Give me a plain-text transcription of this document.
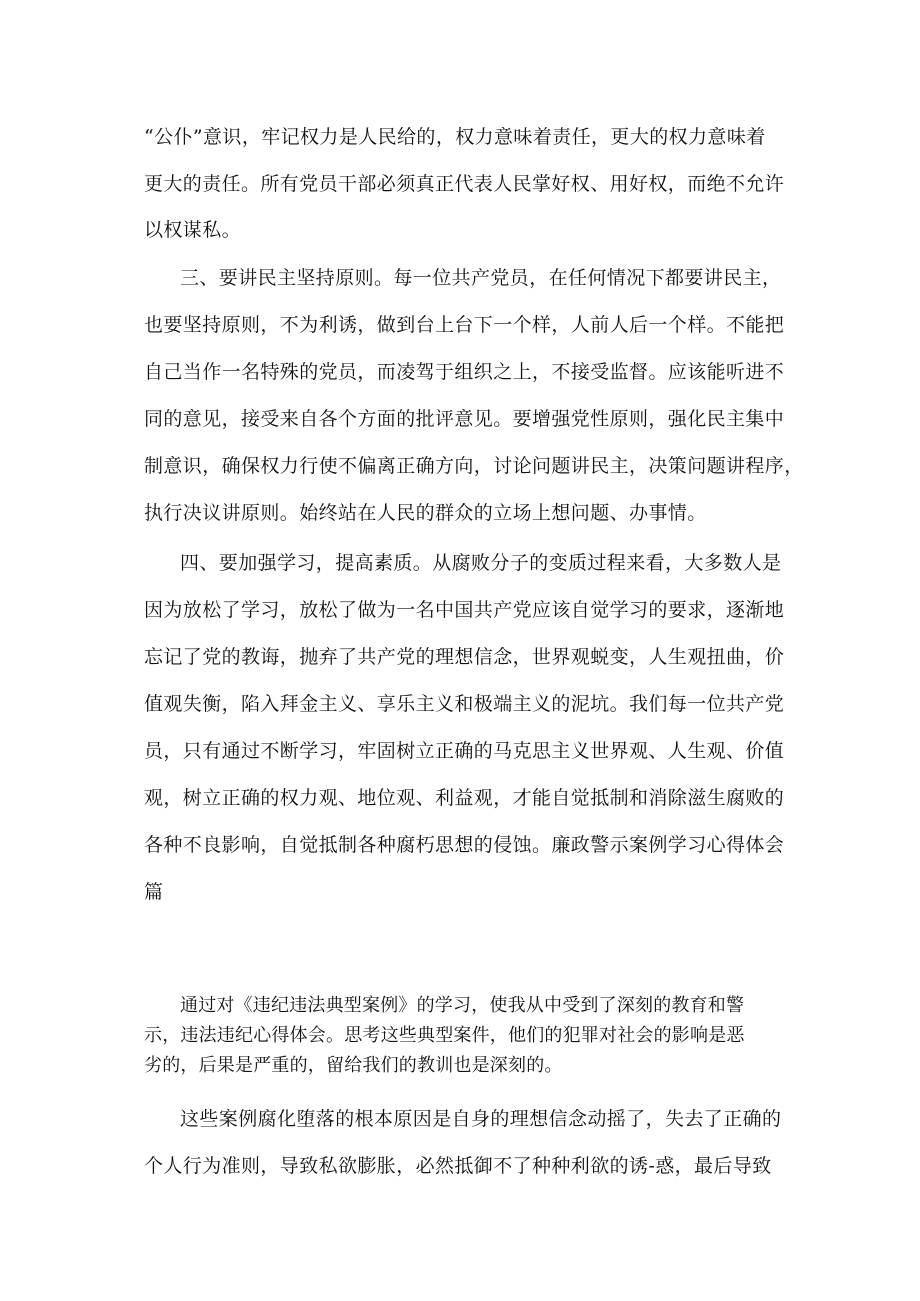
“公仆”意识，牢记权力是人民给的，权力意味着责任，更大的权力意味着

更大的责任。所有党员干部必须真正代表人民掌好权、用好权，而绝不允许

以权谋私。

三、要讲民主坚持原则。每一位共产党员，在任何情况下都要讲民主，

也要坚持原则，不为利诱，做到台上台下一个样，人前人后一个样。不能把

自己当作一名特殊的党员，而凌驾于组织之上，不接受监督。应该能听进不

同的意见，接受来自各个方面的批评意见。要增强党性原则，强化民主集中

制意识，确保权力行使不偏离正确方向，讨论问题讲民主，决策问题讲程序，

执行决议讲原则。始终站在人民的群众的立场上想问题、办事情。

四、要加强学习，提高素质。从腐败分子的变质过程来看，大多数人是

因为放松了学习，放松了做为一名中国共产党应该自觉学习的要求，逐渐地

忘记了党的教诲，抛弃了共产党的理想信念，世界观蜕变，人生观扭曲，价

值观失衡，陷入拜金主义、享乐主义和极端主义的泥坑。我们每一位共产党

员，只有通过不断学习，牢固树立正确的马克思主义世界观、人生观、价值

观，树立正确的权力观、地位观、利益观，才能自觉抵制和消除滋生腐败的

各种不良影响，自觉抵制各种腐朽思想的侵蚀。廉政警示案例学习心得体会

篇

通过对《违纪违法典型案例》的学习，使我从中受到了深刻的教育和警

示，违法违纪心得体会。思考这些典型案件，他们的犯罪对社会的影响是恶

劣的，后果是严重的，留给我们的教训也是深刻的。

这些案例腐化堕落的根本原因是自身的理想信念动摇了，失去了正确的

个人行为准则，导致私欲膨胀，必然抵御不了种种利欲的诱-惑，最后导致
